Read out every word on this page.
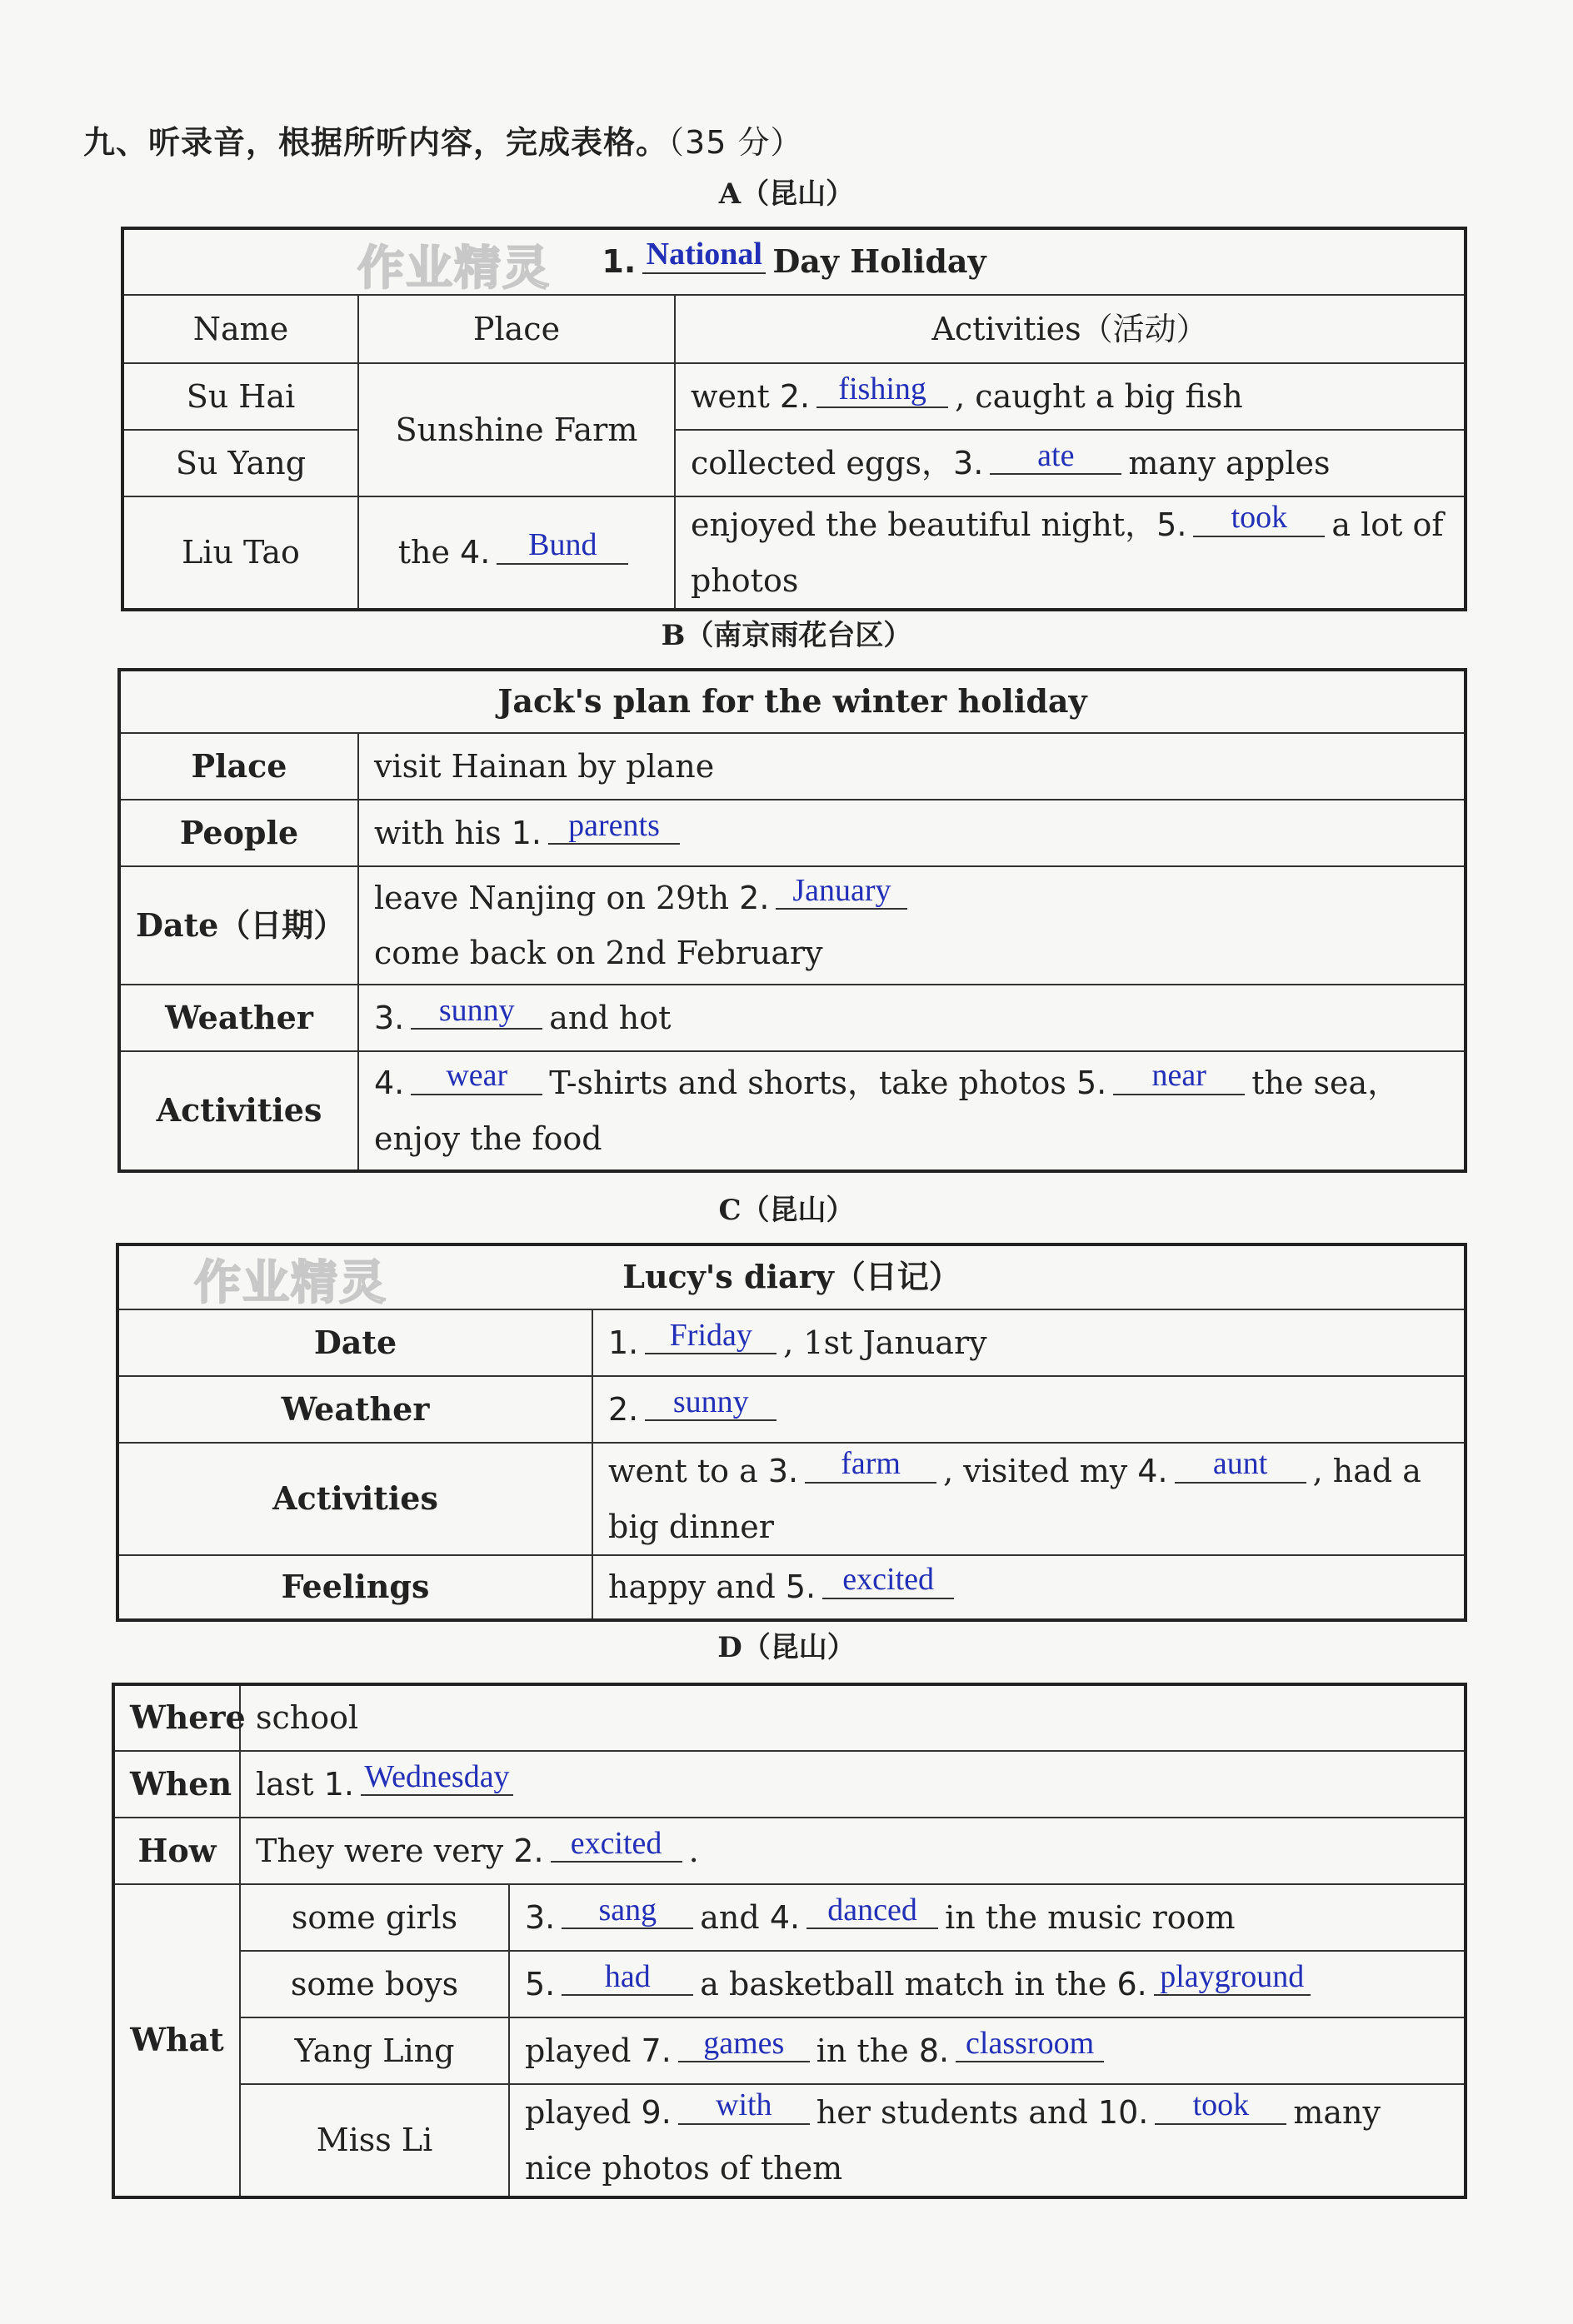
九、听录音，根据所听内容，完成表格。（35 分）
A（昆山）
作业精灵 1. National Day Holiday		
Name	Place	Activities（活动）
Su Hai	Sunshine Farm	went 2. fishing , caught a big fish
Su Yang		collected eggs，3. ate many apples
Liu Tao	the 4. Bund	enjoyed the beautiful night，5. took a lot of photos
B（南京雨花台区）
Jack's plan for the winter holiday	
Place	visit Hainan by plane
People	with his 1. parents
Date（日期）	leave Nanjing on 29th 2. January
come back on 2nd February
Weather	3. sunny and hot
Activities	4. wear T-shirts and shorts，take photos 5. near the sea，enjoy the food
C（昆山）
作业精灵 Lucy's diary（日记）	
Date	1. Friday , 1st January
Weather	2. sunny
Activities	went to a 3. farm , visited my 4. aunt , had a big dinner
Feelings	happy and 5. excited
D（昆山）
Where	school	
When	last 1. Wednesday	
How	They were very 2. excited .	
What	some girls	3. sang and 4. danced in the music room
	some boys	5. had a basketball match in the 6. playground
	Yang Ling	played 7. games in the 8. classroom
	Miss Li	played 9. with her students and 10. took many nice photos of them
